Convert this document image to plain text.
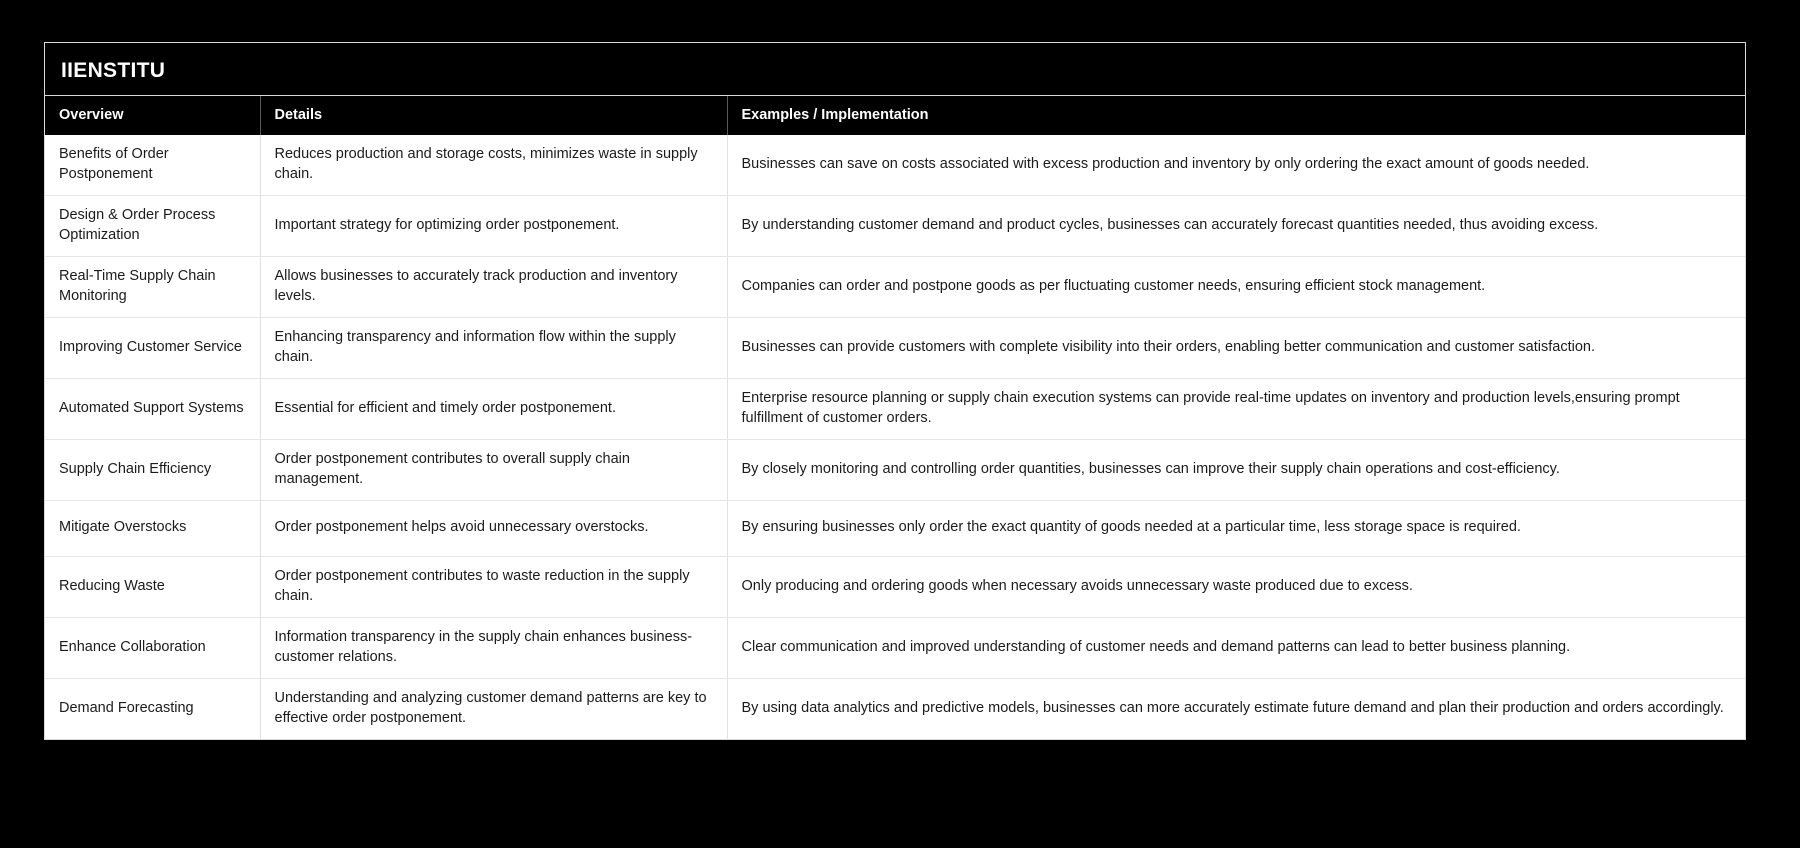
IIENSTITU
Overview	Details	Examples / Implementation
Benefits of Order Postponement	Reduces production and storage costs, minimizes waste in supply chain.	Businesses can save on costs associated with excess production and inventory by only ordering the exact amount of goods needed.
Design & Order Process Optimization	Important strategy for optimizing order postponement.	By understanding customer demand and product cycles, businesses can accurately forecast quantities needed, thus avoiding excess.
Real-Time Supply Chain Monitoring	Allows businesses to accurately track production and inventory levels.	Companies can order and postpone goods as per fluctuating customer needs, ensuring efficient stock management.
Improving Customer Service	Enhancing transparency and information flow within the supply chain.	Businesses can provide customers with complete visibility into their orders, enabling better communication and customer satisfaction.
Automated Support Systems	Essential for efficient and timely order postponement.	Enterprise resource planning or supply chain execution systems can provide real-time updates on inventory and production levels,ensuring prompt fulfillment of customer orders.
Supply Chain Efficiency	Order postponement contributes to overall supply chain management.	By closely monitoring and controlling order quantities, businesses can improve their supply chain operations and cost-efficiency.
Mitigate Overstocks	Order postponement helps avoid unnecessary overstocks.	By ensuring businesses only order the exact quantity of goods needed at a particular time, less storage space is required.
Reducing Waste	Order postponement contributes to waste reduction in the supply chain.	Only producing and ordering goods when necessary avoids unnecessary waste produced due to excess.
Enhance Collaboration	Information transparency in the supply chain enhances business-customer relations.	Clear communication and improved understanding of customer needs and demand patterns can lead to better business planning.
Demand Forecasting	Understanding and analyzing customer demand patterns are key to effective order postponement.	By using data analytics and predictive models, businesses can more accurately estimate future demand and plan their production and orders accordingly.
